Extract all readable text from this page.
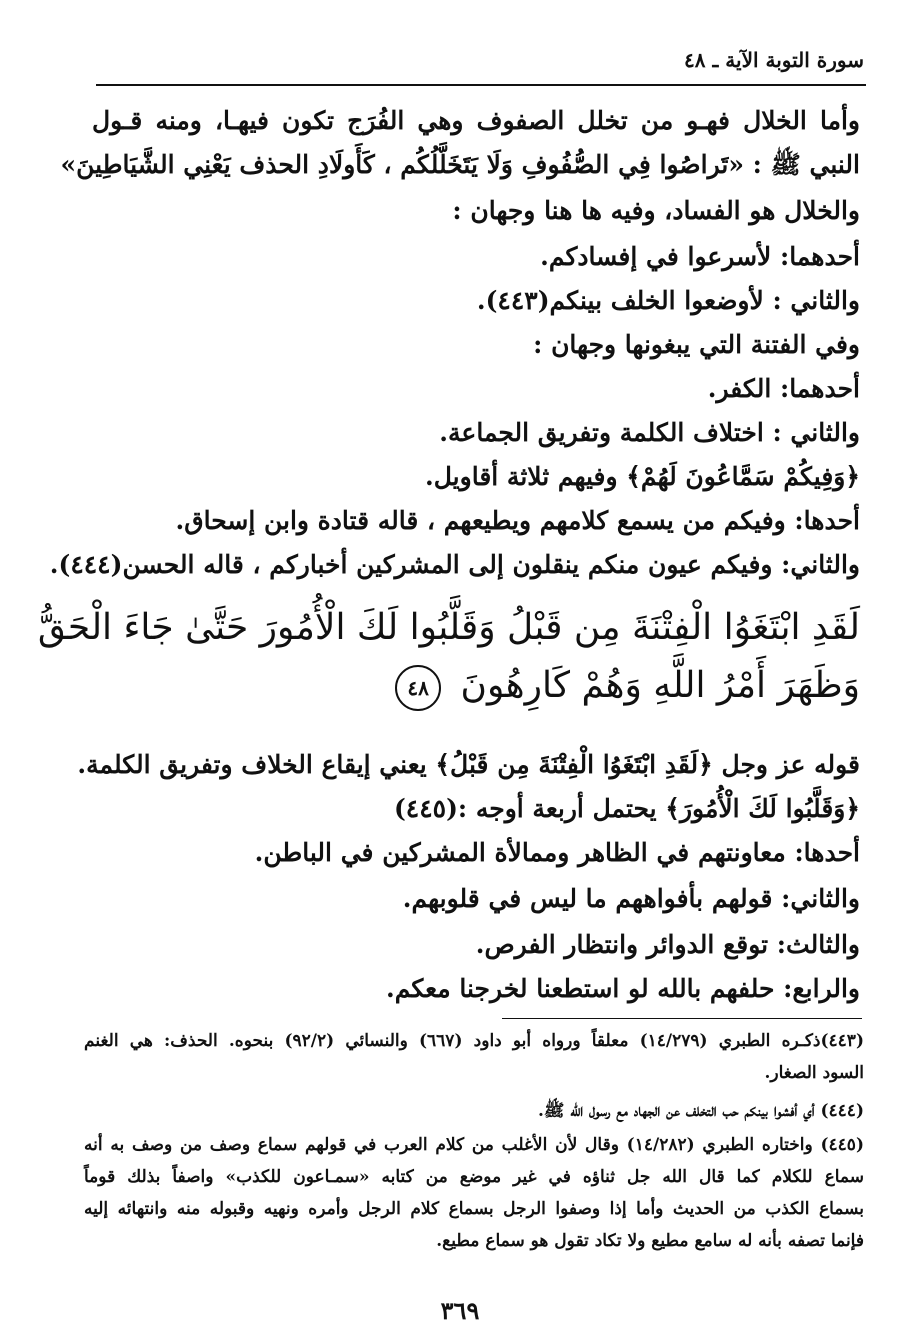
سورة التوبة الآية ـ ٤٨
وأما الخلال فهـو من تخلل الصفوف وهي الفُرَج تكون فيهـا، ومنه قـول
النبي ﷺ : «تَراصُوا فِي الصُّفُوفِ وَلَا يَتَخَلَّلُكُم ، كَأَولَادِ الحذف يَعْنِي الشَّيَاطِينَ»
والخلال هو الفساد، وفيه ها هنا وجهان :
أحدهما: لأسرعوا في إفسادكم.
والثاني : لأوضعوا الخلف بينكم(٤٤٣).
وفي الفتنة التي يبغونها وجهان :
أحدهما: الكفر.
والثاني : اختلاف الكلمة وتفريق الجماعة.
﴿وَفِيكُمْ سَمَّاعُونَ لَهُمْ﴾ وفيهم ثلاثة أقاويل.
أحدها: وفيكم من يسمع كلامهم ويطيعهم ، قاله قتادة وابن إسحاق.
والثاني: وفيكم عيون منكم ينقلون إلى المشركين أخباركم ، قاله الحسن(٤٤٤).
لَقَدِ ابْتَغَوُا الْفِتْنَةَ مِن قَبْلُ وَقَلَّبُوا لَكَ الْأُمُورَ حَتَّىٰ جَاءَ الْحَقُّ
وَظَهَرَ أَمْرُ اللَّهِ وَهُمْ كَارِهُونَ ٤٨
قوله عز وجل ﴿لَقَدِ ابْتَغَوُا الْفِتْنَةَ مِن قَبْلُ﴾ يعني إيقاع الخلاف وتفريق الكلمة.
﴿وَقَلَّبُوا لَكَ الْأُمُورَ﴾ يحتمل أربعة أوجه :(٤٤٥)
أحدها: معاونتهم في الظاهر وممالأة المشركين في الباطن.
والثاني: قولهم بأفواههم ما ليس في قلوبهم.
والثالث: توقع الدوائر وانتظار الفرص.
والرابع: حلفهم بالله لو استطعنا لخرجنا معكم.
(٤٤٣)ذكـره الطبري (١٤/٢٧٩) معلقاً ورواه أبو داود (٦٦٧) والنسائي (٩٢/٢) بنحوه. الحذف: هي الغنم
السود الصغار.
(٤٤٤) أي أفشوا بينكم حب التخلف عن الجهاد مع رسول الله ﷺ.
(٤٤٥) واختاره الطبري (١٤/٢٨٢) وقال لأن الأغلب من كلام العرب في قولهم سماع وصف من وصف به أنه
سماع للكلام كما قال الله جل ثناؤه في غير موضع من كتابه «سمـاعون للكذب» واصفاً بذلك قوماً
بسماع الكذب من الحديث وأما إذا وصفوا الرجل بسماع كلام الرجل وأمره ونهيه وقبوله منه وانتهائه إليه
فإنما تصفه بأنه له سامع مطيع ولا تكاد تقول هو سماع مطيع.
٣٦٩
